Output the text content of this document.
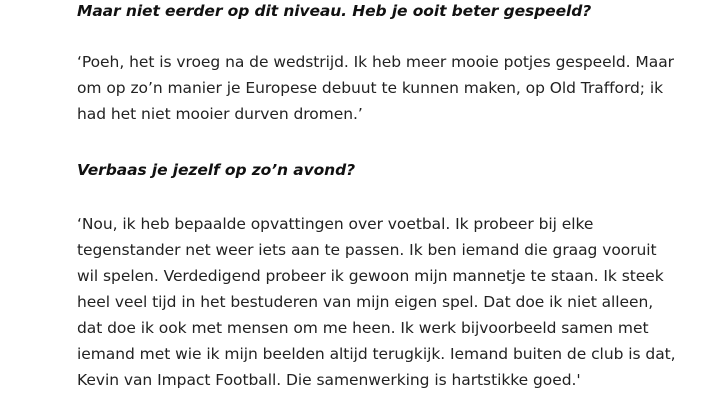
Maar niet eerder op dit niveau. Heb je ooit beter gespeeld?

‘Poeh, het is vroeg na de wedstrijd. Ik heb meer mooie potjes gespeeld. Maar
om op zo’n manier je Europese debuut te kunnen maken, op Old Trafford; ik
had het niet mooier durven dromen.’

Verbaas je jezelf op zo’n avond?

‘Nou, ik heb bepaalde opvattingen over voetbal. Ik probeer bij elke
tegenstander net weer iets aan te passen. Ik ben iemand die graag vooruit
wil spelen. Verdedigend probeer ik gewoon mijn mannetje te staan. Ik steek
heel veel tijd in het bestuderen van mijn eigen spel. Dat doe ik niet alleen,
dat doe ik ook met mensen om me heen. Ik werk bijvoorbeeld samen met
iemand met wie ik mijn beelden altijd terugkijk. Iemand buiten de club is dat,
Kevin van Impact Football. Die samenwerking is hartstikke goed.'
